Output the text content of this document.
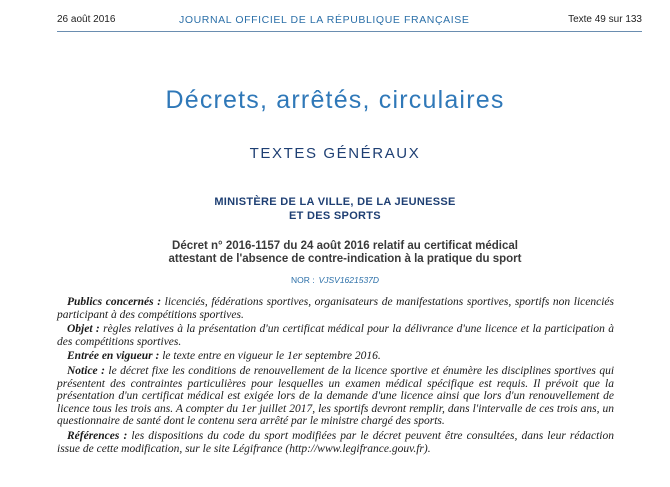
26 août 2016	JOURNAL OFFICIEL DE LA RÉPUBLIQUE FRANÇAISE	Texte 49 sur 133
Décrets, arrêtés, circulaires
TEXTES GÉNÉRAUX
MINISTÈRE DE LA VILLE, DE LA JEUNESSE
ET DES SPORTS
Décret n° 2016-1157 du 24 août 2016 relatif au certificat médical
attestant de l'absence de contre-indication à la pratique du sport
NOR : VJSV1621537D

Publics concernés : licenciés, fédérations sportives, organisateurs de manifestations sportives, sportifs non licenciés participant à des compétitions sportives.

Objet : règles relatives à la présentation d'un certificat médical pour la délivrance d'une licence et la participation à des compétitions sportives.

Entrée en vigueur : le texte entre en vigueur le 1er septembre 2016.

Notice : le décret fixe les conditions de renouvellement de la licence sportive et énumère les disciplines sportives qui présentent des contraintes particulières pour lesquelles un examen médical spécifique est requis. Il prévoit que la présentation d'un certificat médical est exigée lors de la demande d'une licence ainsi que lors d'un renouvellement de licence tous les trois ans. A compter du 1er juillet 2017, les sportifs devront remplir, dans l'intervalle de ces trois ans, un questionnaire de santé dont le contenu sera arrêté par le ministre chargé des sports.

Références : les dispositions du code du sport modifiées par le décret peuvent être consultées, dans leur rédaction issue de cette modification, sur le site Légifrance (http://www.legifrance.gouv.fr).
